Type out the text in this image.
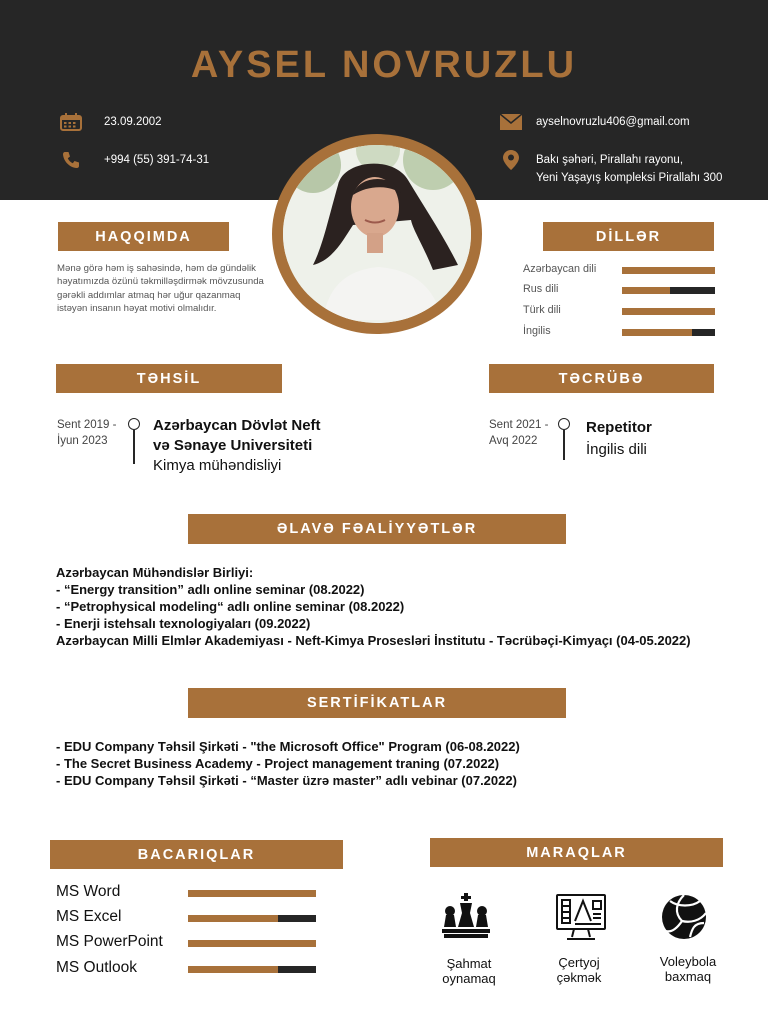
AYSEL NOVRUZLU
23.09.2002
+994 (55) 391-74-31
ayselnovruzlu406@gmail.com
Bakı şəhəri, Pirallahı rayonu,
Yeni Yaşayış kompleksi Pirallahı 300
HAQQIMDA
Mənə görə həm iş sahəsində, həm də gündəlik həyatımızda özünü təkmilləşdirmək mövzusunda gərəkli addımlar atmaq hər uğur qazanmaq istəyən insanın həyat motivi olmalıdır.
DİLLƏR
Azərbaycan dili
Rus dili
Türk dili
İngilis
TƏHSİL
Sent 2019 -
İyun 2023
Azərbaycan Dövlət Neft
və Sənaye Universiteti
Kimya mühəndisliyi
TƏCRÜBƏ
Sent 2021 -
Avq 2022
Repetitor
İngilis dili
ƏLAVƏ FƏALİYYƏTLƏR
Azərbaycan Mühəndislər Birliyi:
- “Energy transition” adlı online seminar (08.2022)
- “Petrophysical modeling“ adlı online seminar (08.2022)
- Enerji istehsalı texnologiyaları (09.2022)
Azərbaycan Milli Elmlər Akademiyası - Neft-Kimya Prosesləri İnstitutu - Təcrübəçi-Kimyaçı (04-05.2022)
SERTİFİKATLAR
- EDU Company Təhsil Şirkəti - "the Microsoft Office" Program (06-08.2022)
- The Secret Business Academy - Project management traning (07.2022)
- EDU Company Təhsil Şirkəti - “Master üzrə master” adlı vebinar (07.2022)
BACARIQLAR
MS Word
MS Excel
MS PowerPoint
MS Outlook
MARAQLAR
Şahmat
oynamaq
Çertyoj
çəkmək
Voleybola
baxmaq
